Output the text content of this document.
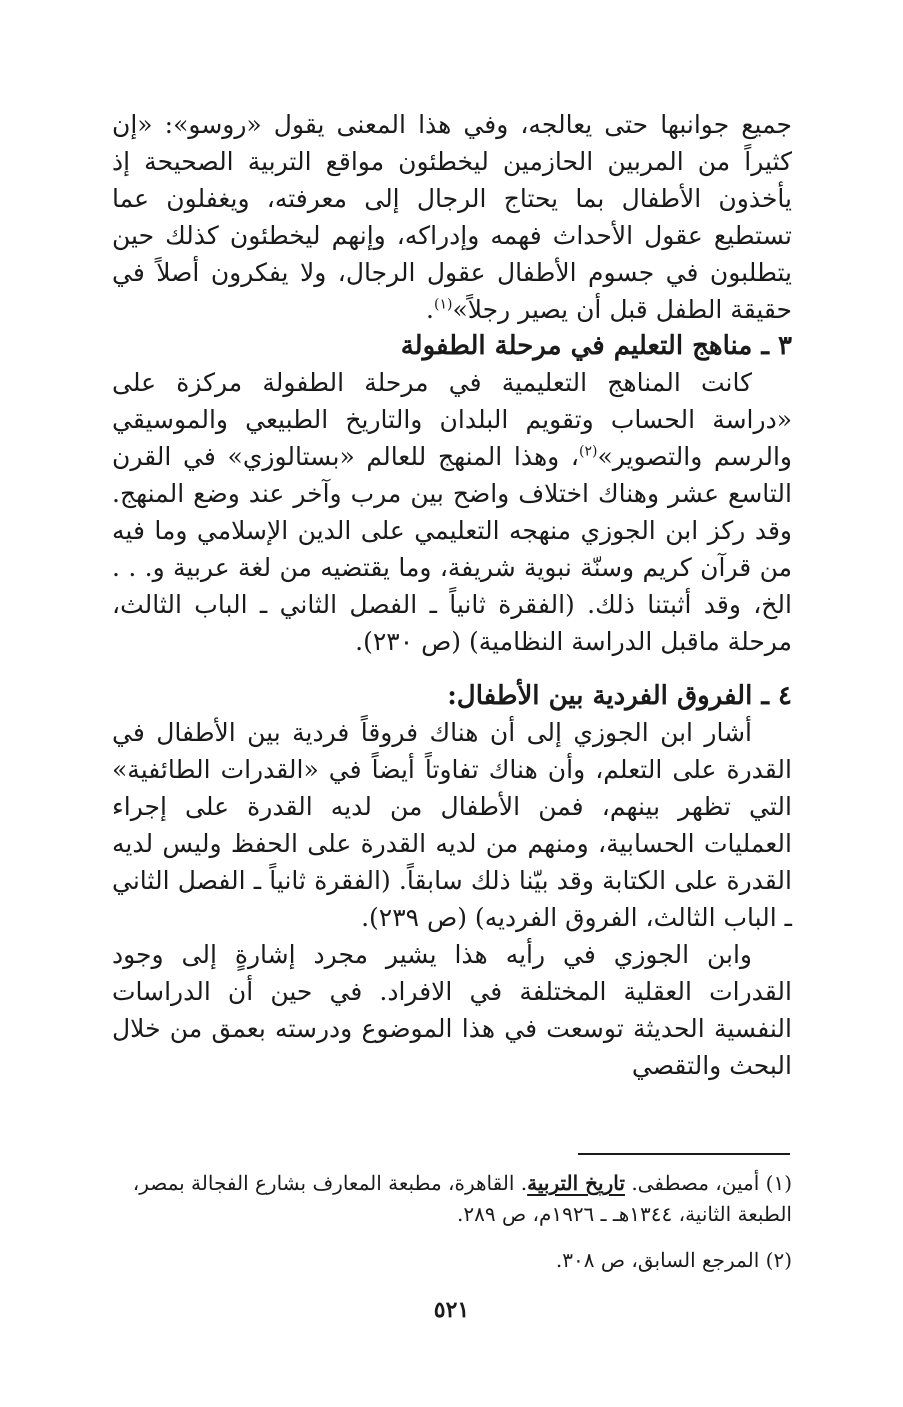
جميع جوانبها حتى يعالجه، وفي هذا المعنى يقول «روسو»: «إن كثيراً من المربين الحازمين ليخطئون مواقع التربية الصحيحة إذ يأخذون الأطفال بما يحتاج الرجال إلى معرفته، ويغفلون عما تستطيع عقول الأحداث فهمه وإدراكه، وإنهم ليخطئون كذلك حين يتطلبون في جسوم الأطفال عقول الرجال، ولا يفكرون أصلاً في حقيقة الطفل قبل أن يصير رجلاً»$^{(١)}$.

٣ ـ مناهج التعليم في مرحلة الطفولة

كانت المناهج التعليمية في مرحلة الطفولة مركزة على «دراسة الحساب وتقويم البلدان والتاريخ الطبيعي والموسيقي والرسم والتصوير»$^{(٢)}$، وهذا المنهج للعالم «بستالوزي» في القرن التاسع عشر وهناك اختلاف واضح بين مرب وآخر عند وضع المنهج. وقد ركز ابن الجوزي منهجه التعليمي على الدين الإسلامي وما فيه من قرآن كريم وسنّة نبوية شريفة، وما يقتضيه من لغة عربية و. . . الخ، وقد أثبتنا ذلك. (الفقرة ثانياً ـ الفصل الثاني ـ الباب الثالث، مرحلة ماقبل الدراسة النظامية) (ص ٢٣٠).

٤ ـ الفروق الفردية بين الأطفال:

أشار ابن الجوزي إلى أن هناك فروقاً فردية بين الأطفال في القدرة على التعلم، وأن هناك تفاوتاً أيضاً في «القدرات الطائفية» التي تظهر بينهم، فمن الأطفال من لديه القدرة على إجراء العمليات الحسابية، ومنهم من لديه القدرة على الحفظ وليس لديه القدرة على الكتابة وقد بيّنا ذلك سابقاً. (الفقرة ثانياً ـ الفصل الثاني ـ الباب الثالث، الفروق الفرديه) (ص ٢٣٩).

وابن الجوزي في رأيه هذا يشير مجرد إشارةٍ إلى وجود القدرات العقلية المختلفة في الافراد. في حين أن الدراسات النفسية الحديثة توسعت في هذا الموضوع ودرسته بعمق من خلال البحث والتقصي

(١) أمين، مصطفى. تاريخ التربية. القاهرة، مطبعة المعارف بشارع الفجالة بمصر، الطبعة الثانية، ١٣٤٤هـ ـ ١٩٢٦م، ص ٢٨٩.

(٢) المرجع السابق، ص ٣٠٨.

٥٢١
